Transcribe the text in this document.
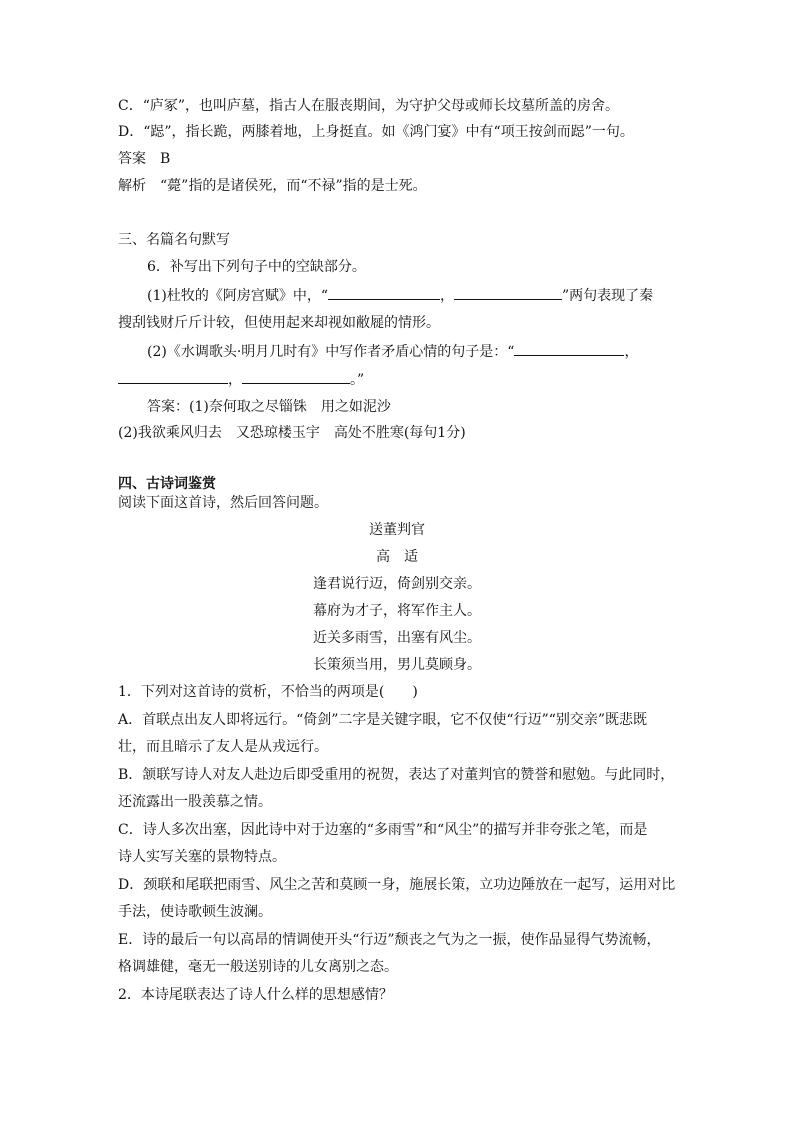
C．“庐冢”，也叫庐墓，指古人在服丧期间，为守护父母或师长坟墓所盖的房舍。
D．“跽”，指长跪，两膝着地，上身挺直。如《鸿门宴》中有“项王按剑而跽”一句。
答案　B
解析　“薨”指的是诸侯死，而“不禄”指的是士死。
三、名篇名句默写
6．补写出下列句子中的空缺部分。
(1)杜牧的《阿房宫赋》中，“	，	”两句表现了秦
搜刮钱财斤斤计较，但使用起来却视如敝屣的情形。
(2)《水调歌头·明月几时有》中写作者矛盾心情的句子是：“	，
，	。”
答案：(1)奈何取之尽锱铢　用之如泥沙
(2)我欲乘风归去　又恐琼楼玉宇　高处不胜寒(每句1分)
四、古诗词鉴赏
阅读下面这首诗，然后回答问题。
送董判官
高　适
逢君说行迈，倚剑别交亲。
幕府为才子，将军作主人。
近关多雨雪，出塞有风尘。
长策须当用，男儿莫顾身。
1．下列对这首诗的赏析，不恰当的两项是(　　)
A．首联点出友人即将远行。“倚剑”二字是关键字眼，它不仅使“行迈”“别交亲”既悲既
壮，而且暗示了友人是从戎远行。
B．颔联写诗人对友人赴边后即受重用的祝贺，表达了对董判官的赞誉和慰勉。与此同时，
还流露出一股羡慕之情。
C．诗人多次出塞，因此诗中对于边塞的“多雨雪”和“风尘”的描写并非夸张之笔，而是
诗人实写关塞的景物特点。
D．颈联和尾联把雨雪、风尘之苦和莫顾一身，施展长策，立功边陲放在一起写，运用对比
手法，使诗歌顿生波澜。
E．诗的最后一句以高昂的情调使开头“行迈”颓丧之气为之一振，使作品显得气势流畅，
格调雄健，毫无一般送别诗的儿女离别之态。
2．本诗尾联表达了诗人什么样的思想感情？
